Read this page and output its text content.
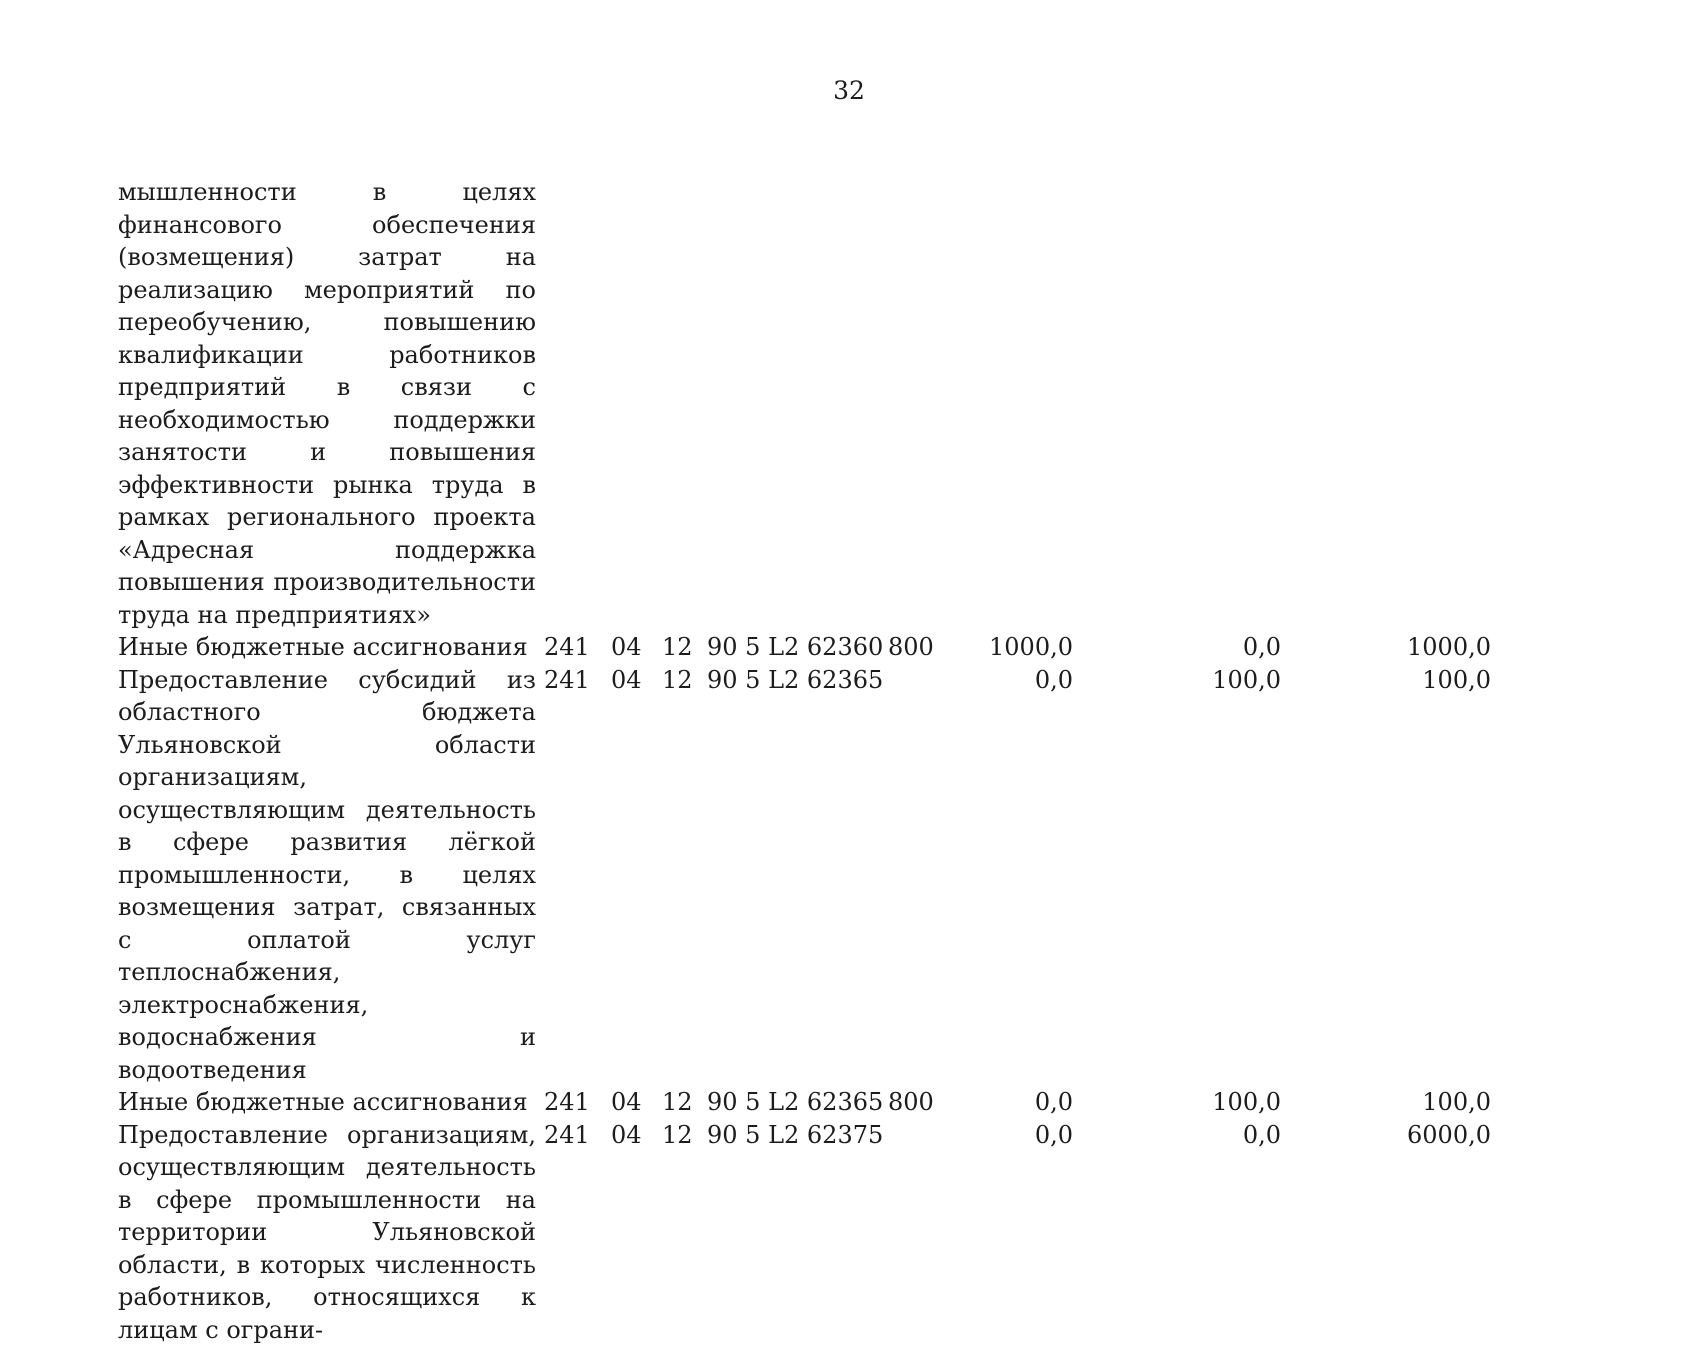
32
мышленности в целях финансового обеспечения (возмещения) затрат на реализацию мероприятий по переобучению, повышению квалификации работников предприятий в связи с необходимостью поддержки занятости и повышения эффективности рынка труда в рамках регионального проекта «Адресная поддержка повышения производительности труда на предприятиях»								
Иные бюджетные ассигнования	241	04	12	90 5 L2 62360	800	1000,0	0,0	1000,0
Предоставление субсидий из областного бюджета Ульяновской области организациям, осуществляющим деятельность в сфере развития лёгкой промышленности, в целях возмещения затрат, связанных с оплатой услуг теплоснабжения, электроснабжения, водоснабжения и водоотведения	241	04	12	90 5 L2 62365		0,0	100,0	100,0
Иные бюджетные ассигнования	241	04	12	90 5 L2 62365	800	0,0	100,0	100,0
Предоставление организациям, осуществляющим деятельность в сфере промышленности на территории Ульяновской области, в которых численность работников, относящихся к лицам с ограни-	241	04	12	90 5 L2 62375		0,0	0,0	6000,0
